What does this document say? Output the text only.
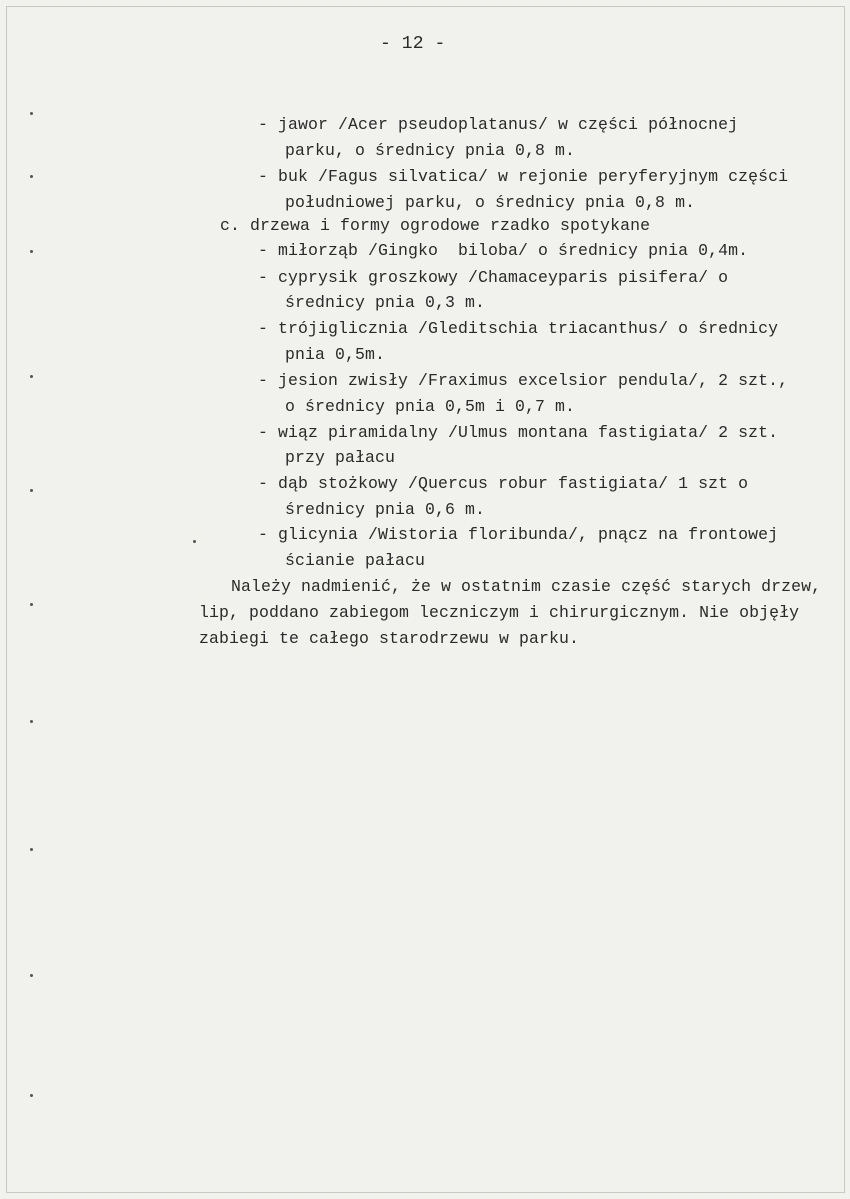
- 12 -

- jawor /Acer pseudoplatanus/ w części północnej

parku, o średnicy pnia 0,8 m.

- buk /Fagus silvatica/ w rejonie peryferyjnym części

południowej parku, o średnicy pnia 0,8 m.

c. drzewa i formy ogrodowe rzadko spotykane

- miłorząb /Gingko  biloba/ o średnicy pnia 0,4m.

- cyprysik groszkowy /Chamaceyparis pisifera/ o

średnicy pnia 0,3 m.

- trójiglicznia /Gleditschia triacanthus/ o średnicy

pnia 0,5m.

- jesion zwisły /Fraximus excelsior pendula/, 2 szt.,

o średnicy pnia 0,5m i 0,7 m.

- wiąz piramidalny /Ulmus montana fastigiata/ 2 szt.

przy pałacu

- dąb stożkowy /Quercus robur fastigiata/ 1 szt o

średnicy pnia 0,6 m.

- glicynia /Wistoria floribunda/, pnącz na frontowej

ścianie pałacu

Należy nadmienić, że w ostatnim czasie część starych drzew,

lip, poddano zabiegom leczniczym i chirurgicznym. Nie objęły

zabiegi te całego starodrzewu w parku.
